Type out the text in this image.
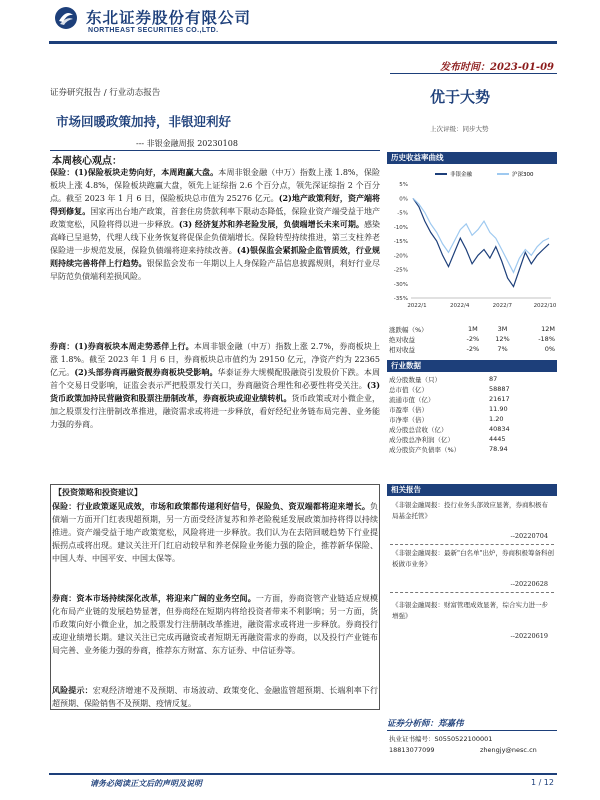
东北证券股份有限公司
NORTHEAST SECURITIES CO.,LTD.
发布时间：2023-01-09
证券研究报告 / 行业动态报告	优于大势
上次评级：同步大势
市场回暖政策加持，非银迎利好
--- 非银金融周报 20230108
本周核心观点：
保险：(1)保险板块走势向好，本周跑赢大盘。本周非银金融（中万）指数上涨 1.8%，保险板块上涨 4.8%，保险板块跑赢大盘，领先上证综指 2.6 个百分点，领先深证综指 2 个百分点。截至 2023 年 1 月 6 日，保险板块总市值为 25276 亿元。(2)地产政策利好，资产端将得到修复。国家再出台地产政策，首套住房贷款利率下限动态降低，保险业资产端受益于地产政策宽松，风险将得以进一步释放。(3) 经济复苏和养老险发展，负债端增长未来可期。感染高峰已呈退势，代理人线下业务恢复将促保企负债端增长。保险转型持续推进，第三支柱养老保险进一步规范发展，保险负债端将迎来持续改善。(4)银保监会紧抓险企监管质效，行业规则持续完善将伴上行趋势。银保监会发布一年期以上人身保险产品信息披露规则，利好行业尽早防范负债端利差损风险。
券商：(1)券商板块本周走势悉伴上行。本周非银金融（中万）指数上涨 2.7%，券商板块上涨 1.8%。截至 2023 年 1 月 6 日，券商板块总市值约为 29150 亿元，净资产约为 22365 亿元。(2)头部券商再融资靓券商板块受影响。华泰证券大规模配股融资引发股价下跌。本周首个交易日受影响，证监会表示严把股票发行关口，券商融资合理性和必要性将受关注。(3)货币政策加持民营融资和股票注册制改革，券商板块或迎业绩转机。货币政策或对小微企业，加之股票发行注册制改革推进，融资需求或将进一步释放，看好经纪业务链布局完善、业务能力强的券商。
【投资策略和投资建议】
保险：行业政策逐见成效，市场和政策都传递利好信号，保险负、资双端都将迎来增长。负债端一方面开门红表现超预期，另一方面受经济复苏和养老险税延发展政策加持将得以持续推进。资产端受益于地产政策宽松，风险将进一步释放。我们认为在去陪回暖趋势下行业提振拐点或将出现。建议关注开门红启动较早和养老保险业务能力强的险企，推荐新华保险、中国人寿、中国平安、中国太保等。
券商：资本市场持续深化改革，将迎来广阔的业务空间。一方面，券商资管产业链适应规模化布局产业链的发展趋势显著，但券商经在短期内将给投资者带来不利影响；另一方面，货币政策向好小微企业，加之股票发行注册制改革推进，融资需求或将进一步释放。券商投行或迎业绩增长期。建议关注已完成再融资或者短期无再融资需求的券商，以及投行产业链布局完善、业务能力强的券商，推荐东方财富、东方证券、中信证券等。
风险提示：宏观经济增速不及预期、市场波动、政策变化、金融监管超预期、长端利率下行超预期、保险销售不及预期、疫情反复。
历史收益率曲线
非银金融	沪深300
5%
0%
-5%
-10%
-15%
-20%
-25%
-30%
-35%
2022/1	2022/4	2022/7	2022/10
涨跌幅（%）	1M	3M	12M
绝对收益	-2%	12%	-18%
相对收益	-2%	7%	0%
行业数据
成分股数量（只）	87
总市值（亿）	58887
流通市值（亿）	21617
市盈率（倍）	11.90
市净率（倍）	1.20
成分股总营收（亿）	40834
成分股总净利润（亿）	4445
成分股资产负债率（%）	78.94
相关报告
《非银金融周报：投行业务头部效应显著，券商积极布局基金托管》
--20220704
《非银金融周报：最新"白名单"出炉，券商积极筹备科创板做市业务》
--20220628
《非银金融周报：财富管理成效显著，综合实力进一步增强》
--20220619
证券分析师：郑嘉伟
执业证书编号：S0550522100001
18813077099	zhengjy@nesc.cn
请务必阅读正文后的声明及说明	1 / 12
